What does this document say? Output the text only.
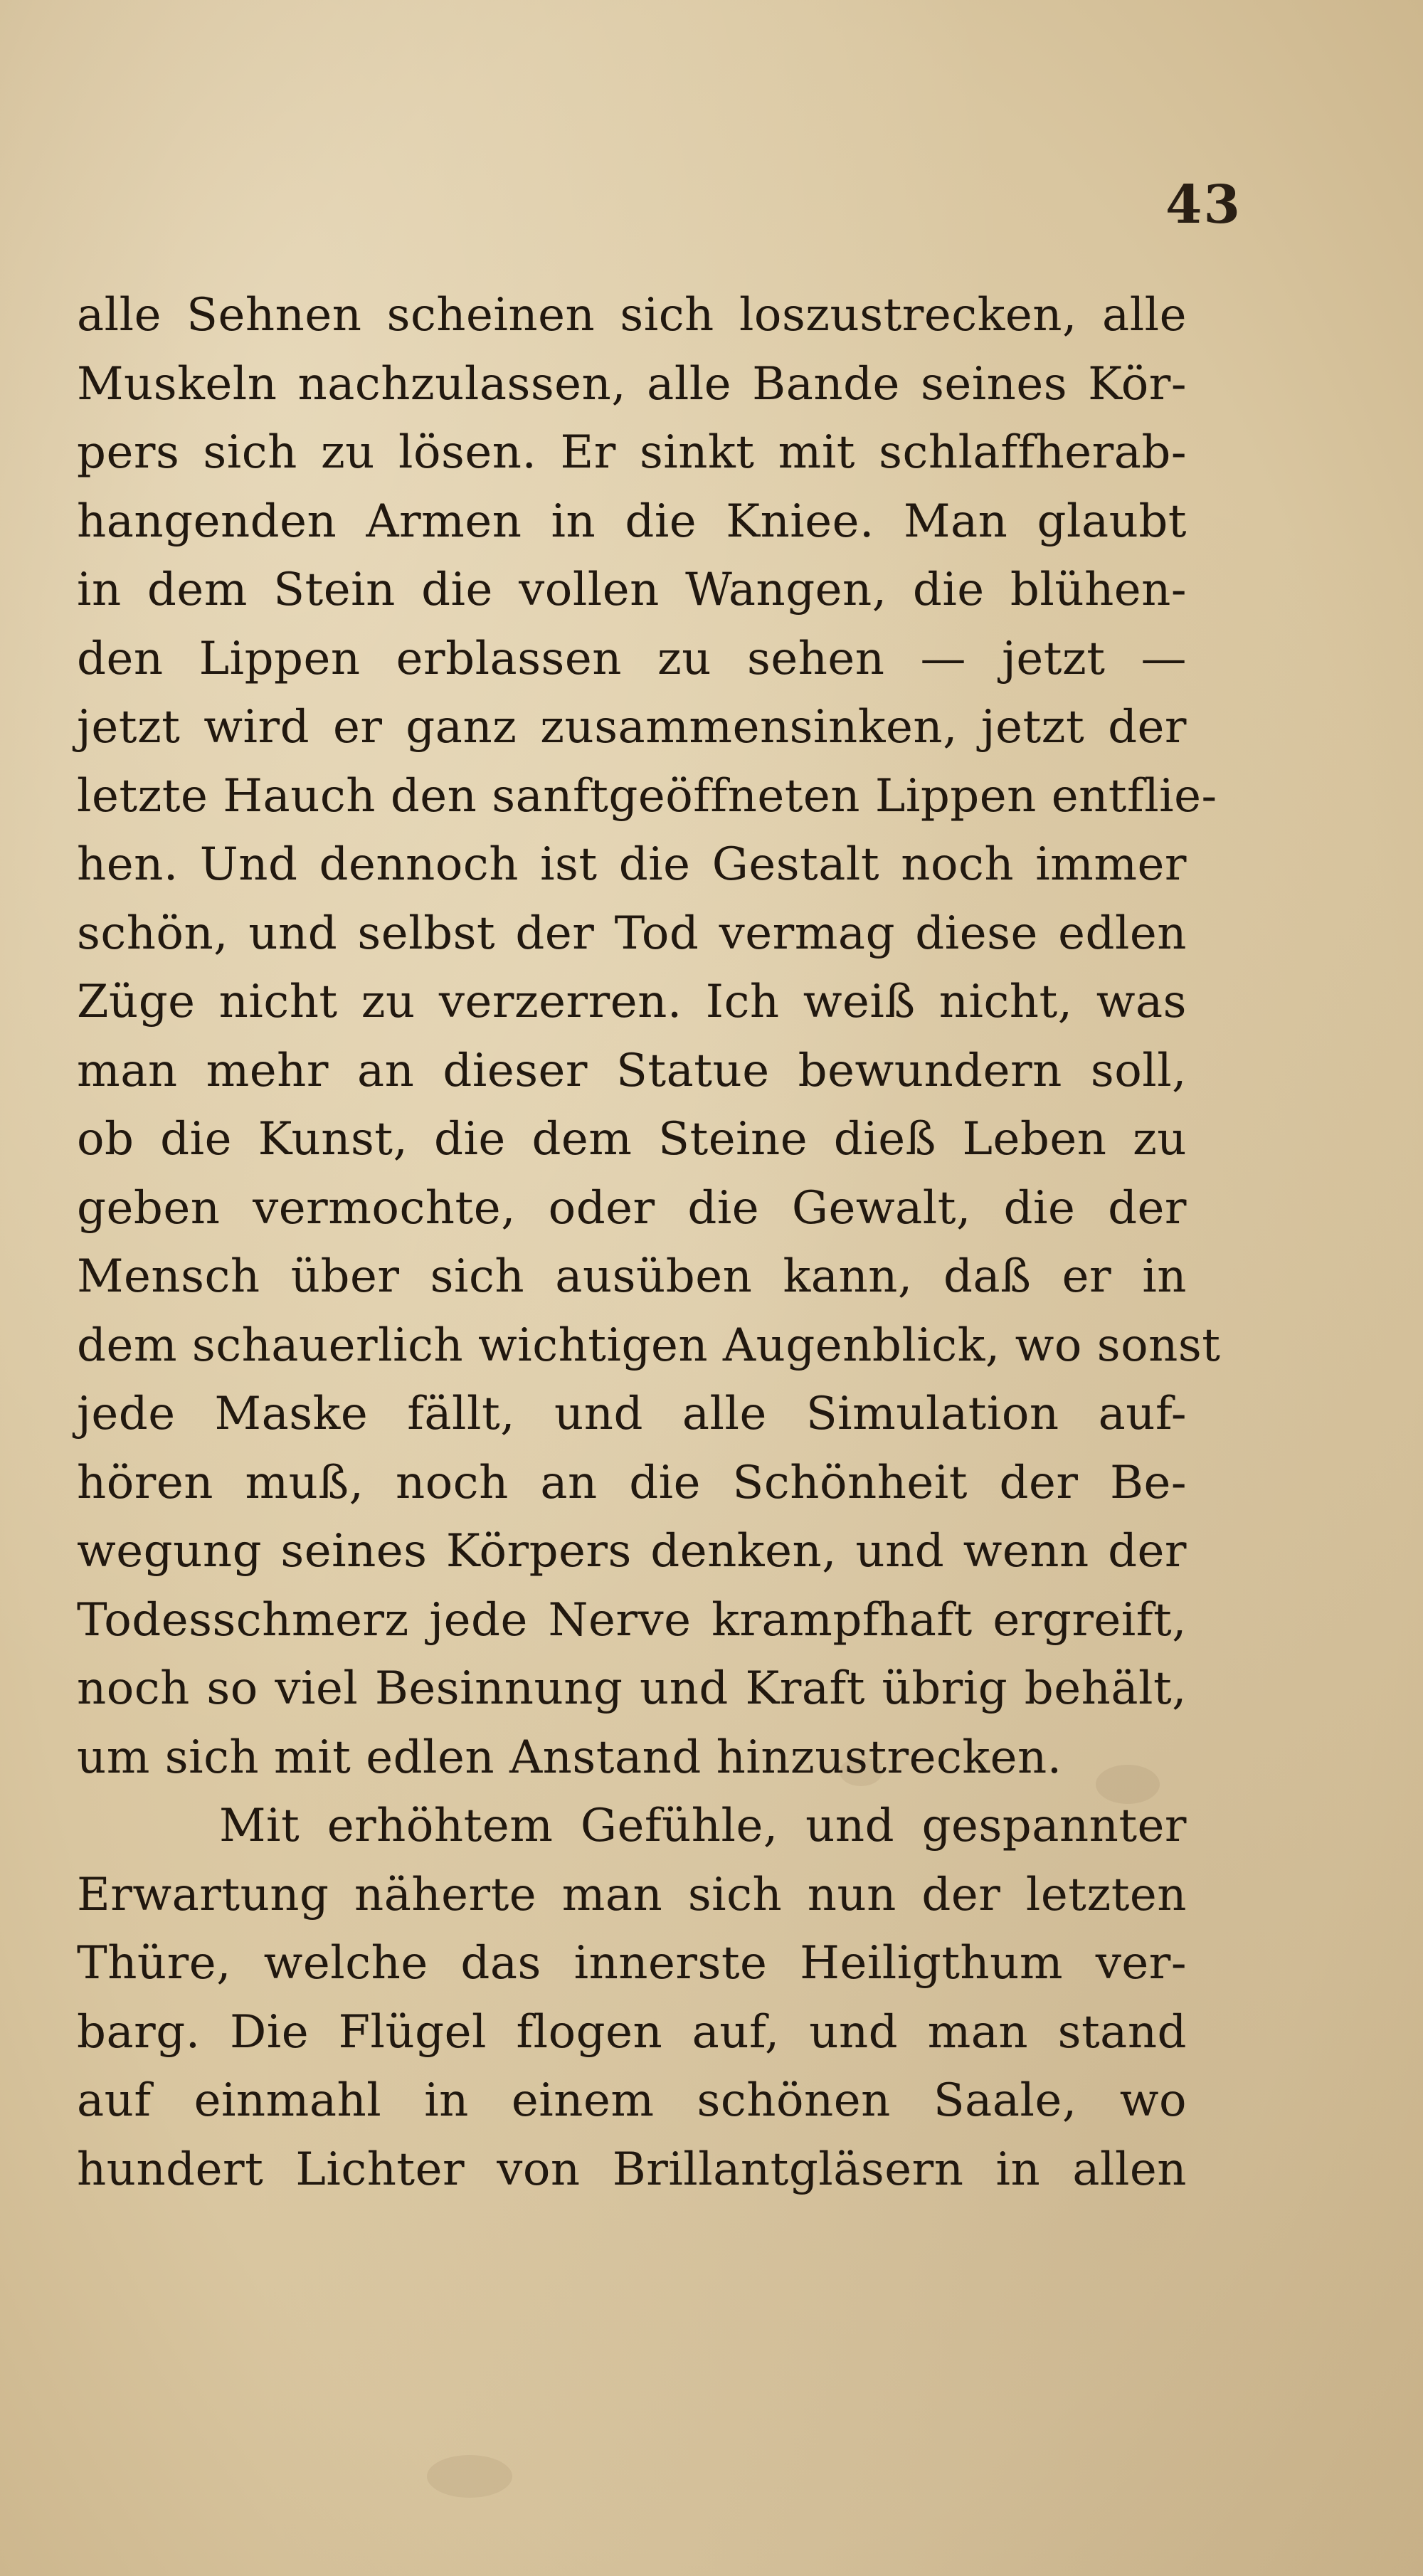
43
alle Sehnen scheinen sich loszustrecken, alle
Muskeln nachzulassen, alle Bande seines Kör-
pers sich zu lösen. Er sinkt mit schlaffherab-
hangenden Armen in die Kniee. Man glaubt
in dem Stein die vollen Wangen, die blühen-
den Lippen erblassen zu sehen — jetzt —
jetzt wird er ganz zusammensinken, jetzt der
letzte Hauch den sanftgeöffneten Lippen entflie-
hen. Und dennoch ist die Gestalt noch immer
schön, und selbst der Tod vermag diese edlen
Züge nicht zu verzerren. Ich weiß nicht, was
man mehr an dieser Statue bewundern soll,
ob die Kunst, die dem Steine dieß Leben zu
geben vermochte, oder die Gewalt, die der
Mensch über sich ausüben kann, daß er in
dem schauerlich wichtigen Augenblick, wo sonst
jede Maske fällt, und alle Simulation auf-
hören muß, noch an die Schönheit der Be-
wegung seines Körpers denken, und wenn der
Todesschmerz jede Nerve krampfhaft ergreift,
noch so viel Besinnung und Kraft übrig behält,
um sich mit edlen Anstand hinzustrecken.
Mit erhöhtem Gefühle, und gespannter
Erwartung näherte man sich nun der letzten
Thüre, welche das innerste Heiligthum ver-
barg. Die Flügel flogen auf, und man stand
auf einmahl in einem schönen Saale, wo
hundert Lichter von Brillantgläsern in allen
